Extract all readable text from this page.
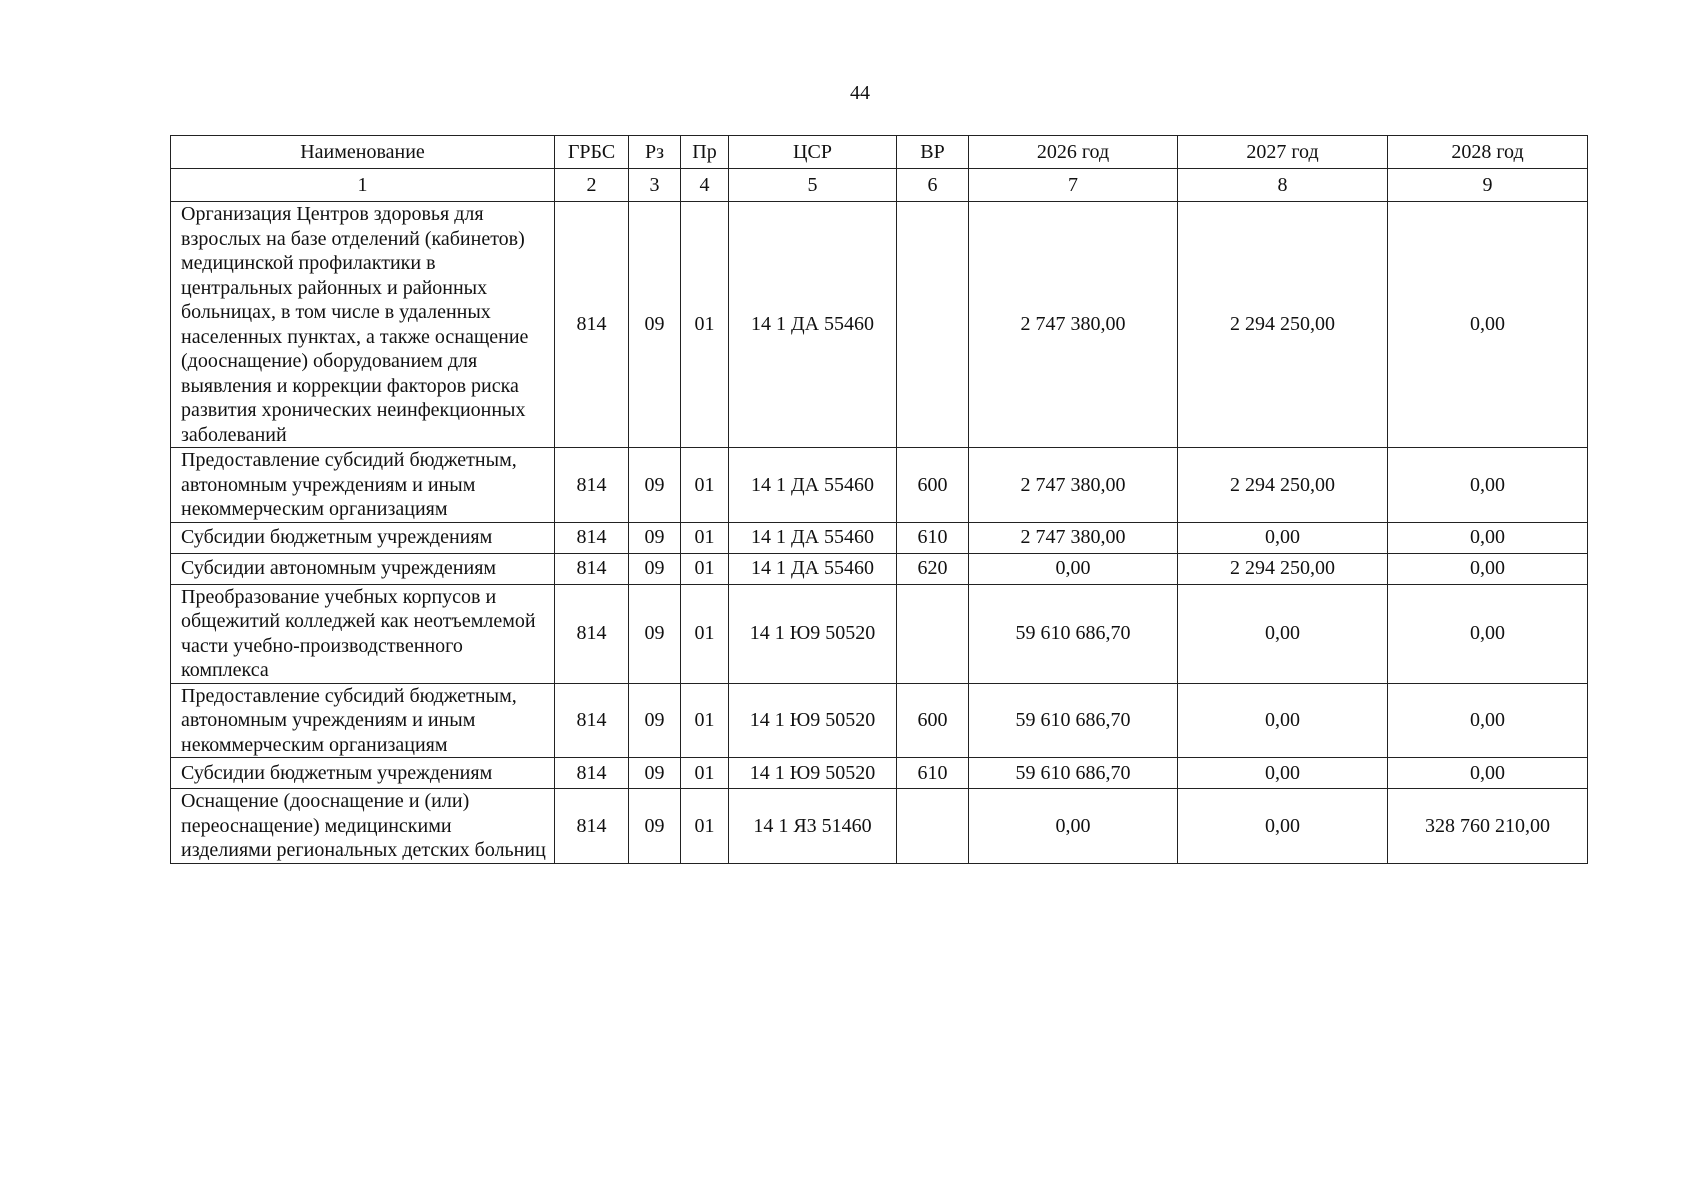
44
Наименование	ГРБС	Рз	Пр	ЦСР	ВР	2026 год	2027 год	2028 год
1	2	3	4	5	6	7	8	9
Организация Центров здоровья для взрослых на базе отделений (кабинетов) медицинской профилактики в центральных районных и районных больницах, в том числе в удаленных населенных пунктах, а также оснащение (дооснащение) оборудованием для выявления и коррекции факторов риска развития хронических неинфекционных заболеваний	814	09	01	14 1 ДА 55460		2 747 380,00	2 294 250,00	0,00
Предоставление субсидий бюджетным, автономным учреждениям и иным некоммерческим организациям	814	09	01	14 1 ДА 55460	600	2 747 380,00	2 294 250,00	0,00
Субсидии бюджетным учреждениям	814	09	01	14 1 ДА 55460	610	2 747 380,00	0,00	0,00
Субсидии автономным учреждениям	814	09	01	14 1 ДА 55460	620	0,00	2 294 250,00	0,00
Преобразование учебных корпусов и общежитий колледжей как неотъемлемой части учебно-производственного комплекса	814	09	01	14 1 Ю9 50520		59 610 686,70	0,00	0,00
Предоставление субсидий бюджетным, автономным учреждениям и иным некоммерческим организациям	814	09	01	14 1 Ю9 50520	600	59 610 686,70	0,00	0,00
Субсидии бюджетным учреждениям	814	09	01	14 1 Ю9 50520	610	59 610 686,70	0,00	0,00
Оснащение (дооснащение и (или) переоснащение) медицинскими изделиями региональных детских больниц	814	09	01	14 1 Я3 51460		0,00	0,00	328 760 210,00
